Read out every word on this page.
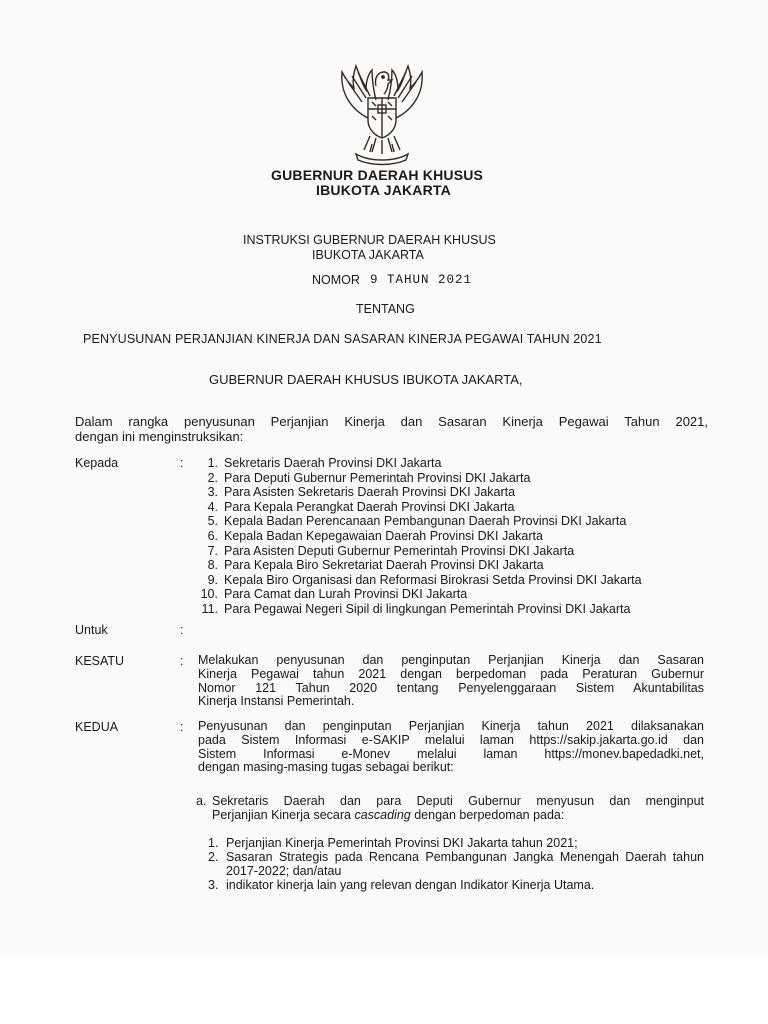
GUBERNUR DAERAH KHUSUS
IBUKOTA JAKARTA
INSTRUKSI GUBERNUR DAERAH KHUSUS
IBUKOTA JAKARTA
NOMOR 9 TAHUN 2021
TENTANG
PENYUSUNAN PERJANJIAN KINERJA DAN SASARAN KINERJA PEGAWAI TAHUN 2021
GUBERNUR DAERAH KHUSUS IBUKOTA JAKARTA,
Dalam rangka penyusunan Perjanjian Kinerja dan Sasaran Kinerja Pegawai Tahun 2021,
dengan ini menginstruksikan:
Kepada	:	1. Sekretaris Daerah Provinsi DKI Jakarta
2. Para Deputi Gubernur Pemerintah Provinsi DKI Jakarta
3. Para Asisten Sekretaris Daerah Provinsi DKI Jakarta
4. Para Kepala Perangkat Daerah Provinsi DKI Jakarta
5. Kepala Badan Perencanaan Pembangunan Daerah Provinsi DKI Jakarta
6. Kepala Badan Kepegawaian Daerah Provinsi DKI Jakarta
7. Para Asisten Deputi Gubernur Pemerintah Provinsi DKI Jakarta
8. Para Kepala Biro Sekretariat Daerah Provinsi DKI Jakarta
9. Kepala Biro Organisasi dan Reformasi Birokrasi Setda Provinsi DKI Jakarta
10. Para Camat dan Lurah Provinsi DKI Jakarta
11. Para Pegawai Negeri Sipil di lingkungan Pemerintah Provinsi DKI Jakarta
Untuk	:
KESATU	: Melakukan penyusunan dan penginputan Perjanjian Kinerja dan Sasaran
Kinerja Pegawai tahun 2021 dengan berpedoman pada Peraturan Gubernur
Nomor 121 Tahun 2020 tentang Penyelenggaraan Sistem Akuntabilitas
Kinerja Instansi Pemerintah.
KEDUA	: Penyusunan dan penginputan Perjanjian Kinerja tahun 2021 dilaksanakan
pada Sistem Informasi e-SAKIP melalui laman https://sakip.jakarta.go.id dan
Sistem Informasi e-Monev melalui laman https://monev.bapedadki.net,
dengan masing-masing tugas sebagai berikut:
a. Sekretaris Daerah dan para Deputi Gubernur menyusun dan menginput
Perjanjian Kinerja secara cascading dengan berpedoman pada:
1. Perjanjian Kinerja Pemerintah Provinsi DKI Jakarta tahun 2021;
2. Sasaran Strategis pada Rencana Pembangunan Jangka Menengah Daerah tahun 2017-2022; dan/atau
3. indikator kinerja lain yang relevan dengan Indikator Kinerja Utama.
